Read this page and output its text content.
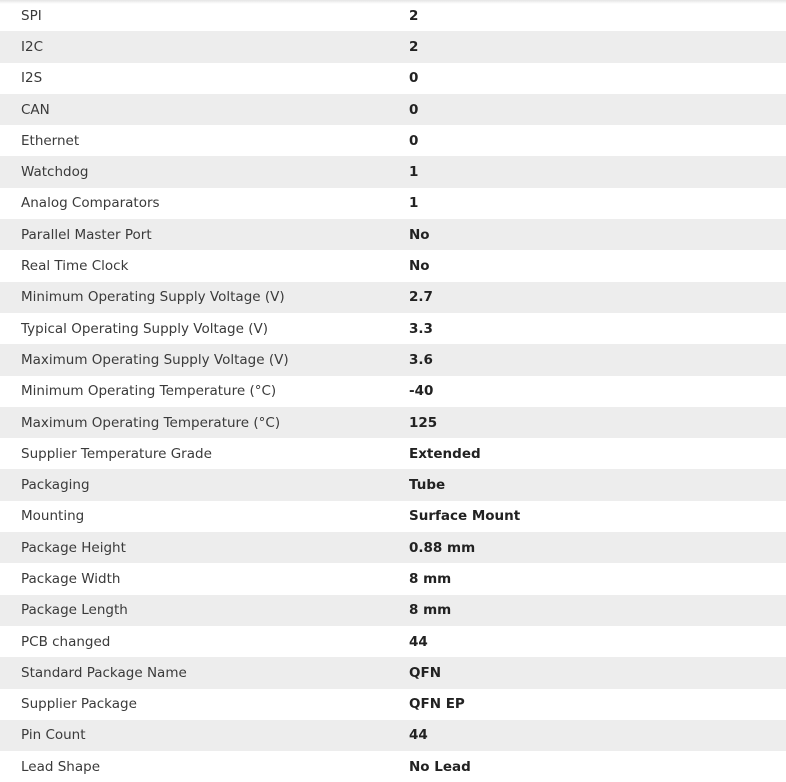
SPI	2
I2C	2
I2S	0
CAN	0
Ethernet	0
Watchdog	1
Analog Comparators	1
Parallel Master Port	No
Real Time Clock	No
Minimum Operating Supply Voltage (V)	2.7
Typical Operating Supply Voltage (V)	3.3
Maximum Operating Supply Voltage (V)	3.6
Minimum Operating Temperature (°C)	-40
Maximum Operating Temperature (°C)	125
Supplier Temperature Grade	Extended
Packaging	Tube
Mounting	Surface Mount
Package Height	0.88 mm
Package Width	8 mm
Package Length	8 mm
PCB changed	44
Standard Package Name	QFN
Supplier Package	QFN EP
Pin Count	44
Lead Shape	No Lead
